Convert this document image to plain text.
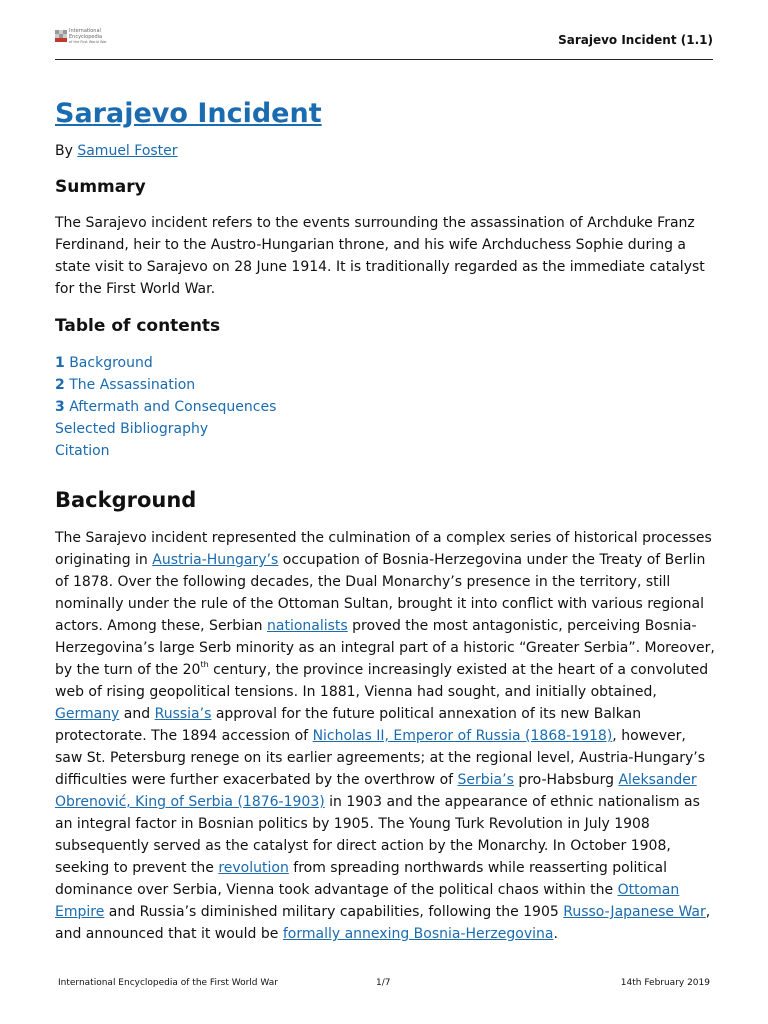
International
Encyclopedia
of the First World War	Sarajevo Incident (1.1)
Sarajevo Incident
By Samuel Foster
Summary

The Sarajevo incident refers to the events surrounding the assassination of Archduke Franz Ferdinand, heir to the Austro-Hungarian throne, and his wife Archduchess Sophie during a state visit to Sarajevo on 28 June 1914. It is traditionally regarded as the immediate catalyst for the First World War.

Table of contents
1 Background
2 The Assassination
3 Aftermath and Consequences
Selected Bibliography
Citation
Background

The Sarajevo incident represented the culmination of a complex series of historical processes originating in Austria-Hungary’s occupation of Bosnia-Herzegovina under the Treaty of Berlin of 1878. Over the following decades, the Dual Monarchy’s presence in the territory, still nominally under the rule of the Ottoman Sultan, brought it into conflict with various regional actors. Among these, Serbian nationalists proved the most antagonistic, perceiving Bosnia-Herzegovina’s large Serb minority as an integral part of a historic “Greater Serbia”. Moreover, by the turn of the 20th century, the province increasingly existed at the heart of a convoluted web of rising geopolitical tensions. In 1881, Vienna had sought, and initially obtained, Germany and Russia’s approval for the future political annexation of its new Balkan protectorate. The 1894 accession of Nicholas II, Emperor of Russia (1868-1918), however, saw St. Petersburg renege on its earlier agreements; at the regional level, Austria-Hungary’s difficulties were further exacerbated by the overthrow of Serbia’s pro-Habsburg Aleksander Obrenović, King of Serbia (1876-1903) in 1903 and the appearance of ethnic nationalism as an integral factor in Bosnian politics by 1905. The Young Turk Revolution in July 1908 subsequently served as the catalyst for direct action by the Monarchy. In October 1908, seeking to prevent the revolution from spreading northwards while reasserting political dominance over Serbia, Vienna took advantage of the political chaos within the Ottoman Empire and Russia’s diminished military capabilities, following the 1905 Russo-Japanese War, and announced that it would be formally annexing Bosnia-Herzegovina.

International Encyclopedia of the First World War	1/7	14th February 2019
